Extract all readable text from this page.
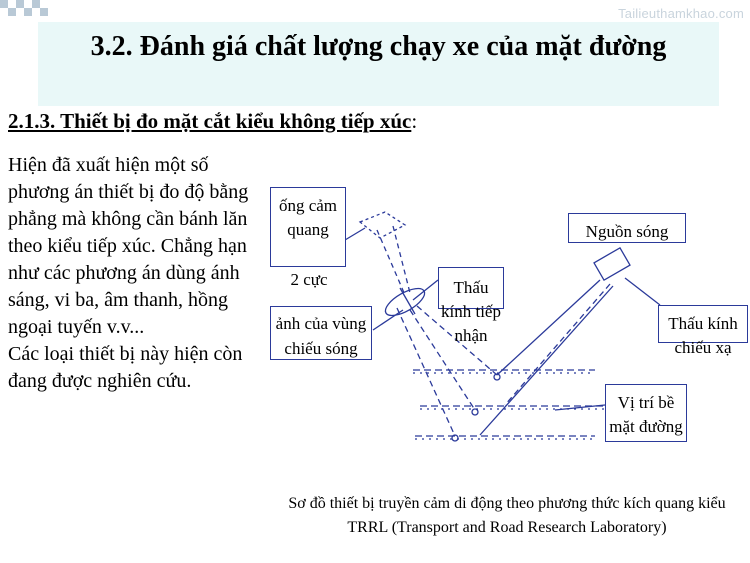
Tailieuthamkhao.com
3.2. Đánh giá chất lượng chạy xe của mặt đường
2.1.3. Thiết bị đo mặt cắt kiểu không tiếp xúc:

Hiện đã xuất hiện một số phương án thiết bị đo độ bằng phẳng mà không cần bánh lăn theo kiểu tiếp xúc. Chẳng hạn như các phương án dùng ánh sáng, vi ba, âm thanh, hồng ngoại tuyến v.v...

Các loại thiết bị này hiện còn đang được nghiên cứu.

ống cảm quang
2 cực
ảnh của vùng chiếu sóng
Thấu kính tiếp nhận
Nguồn sóng
Thấu kính chiếu xạ
Vị trí bề mặt đường
Sơ đồ thiết bị truyền cảm di động theo phương thức kích quang kiểu TRRL (Transport and Road Research Laboratory)
